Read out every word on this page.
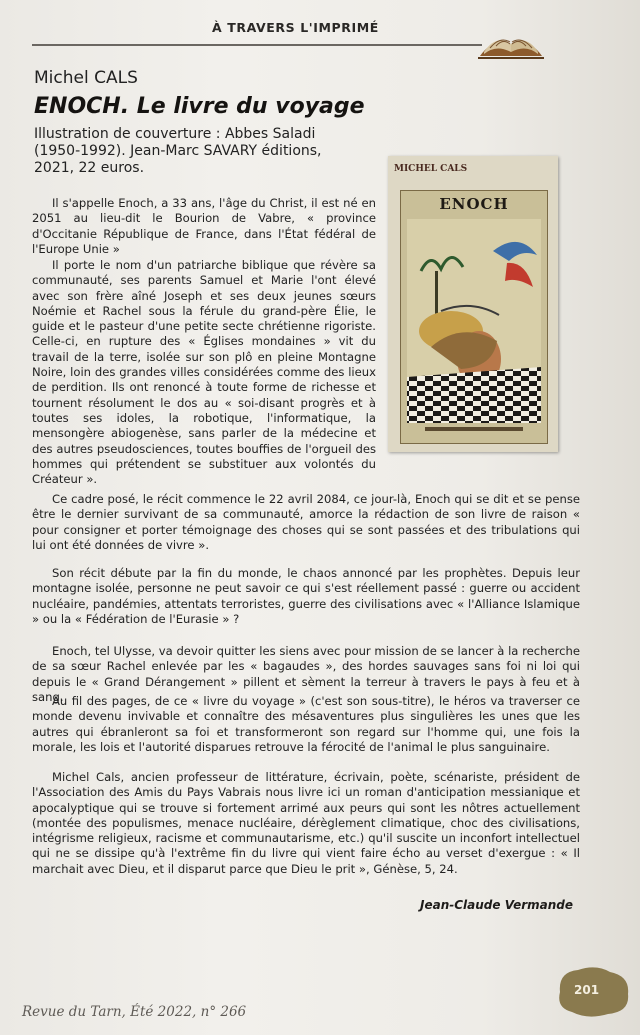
À TRAVERS L'IMPRIMÉ
Michel CALS
ENOCH. Le livre du voyage
Illustration de couverture : Abbes Saladi (1950-1992). Jean-Marc SAVARY éditions, 2021, 22 euros.	MICHEL CALS
ENOCH

Il s'appelle Enoch, a 33 ans, l'âge du Christ, il est né en 2051 au lieu-dit le Bourion de Vabre, « province d'Occitanie République de France, dans l'État fédéral de l'Europe Unie »

Il porte le nom d'un patriarche biblique que révère sa communauté, ses parents Samuel et Marie l'ont élevé avec son frère aîné Joseph et ses deux jeunes sœurs Noémie et Rachel sous la férule du grand-père Élie, le guide et le pasteur d'une petite secte chrétienne rigoriste. Celle-ci, en rupture des « Églises mondaines » vit du travail de la terre, isolée sur son plô en pleine Montagne Noire, loin des grandes villes considérées comme des lieux de perdition. Ils ont renoncé à toute forme de richesse et tournent résolument le dos au « soi-disant progrès et à toutes ses idoles, la robotique, l'informatique, la mensongère abiogenèse, sans parler de la médecine et des autres pseudosciences, toutes bouffies de l'orgueil des hommes qui prétendent se substituer aux volontés du Créateur ».

Ce cadre posé, le récit commence le 22 avril 2084, ce jour-là, Enoch qui se dit et se pense être le dernier survivant de sa communauté, amorce la rédaction de son livre de raison « pour consigner et porter témoignage des choses qui se sont passées et des tribulations qui lui ont été données de vivre ».

Son récit débute par la fin du monde, le chaos annoncé par les prophètes. Depuis leur montagne isolée, personne ne peut savoir ce qui s'est réellement passé : guerre ou accident nucléaire, pandémies, attentats terroristes, guerre des civilisations avec « l'Alliance Islamique » ou la « Fédération de l'Eurasie » ?

Enoch, tel Ulysse, va devoir quitter les siens avec pour mission de se lancer à la recherche de sa sœur Rachel enlevée par les « bagaudes », des hordes sauvages sans foi ni loi qui depuis le « Grand Dérangement » pillent et sèment la terreur à travers le pays à feu et à sang.

Au fil des pages, de ce « livre du voyage » (c'est son sous-titre), le héros va traverser ce monde devenu invivable et connaître des mésaventures plus singulières les unes que les autres qui ébranleront sa foi et transformeront son regard sur l'homme qui, une fois la morale, les lois et l'autorité disparues retrouve la férocité de l'animal le plus sanguinaire.

Michel Cals, ancien professeur de littérature, écrivain, poète, scénariste, président de l'Association des Amis du Pays Vabrais nous livre ici un roman d'anticipation messianique et apocalyptique qui se trouve si fortement arrimé aux peurs qui sont les nôtres actuellement (montée des populismes, menace nucléaire, dérèglement climatique, choc des civilisations, intégrisme religieux, racisme et communautarisme, etc.) qu'il suscite un inconfort intellectuel qui ne se dissipe qu'à l'extrême fin du livre qui vient faire écho au verset d'exergue : « Il marchait avec Dieu, et il disparut parce que Dieu le prit », Génèse, 5, 24.

Jean-Claude Vermande
Revue du Tarn, Été 2022, n° 266
201
